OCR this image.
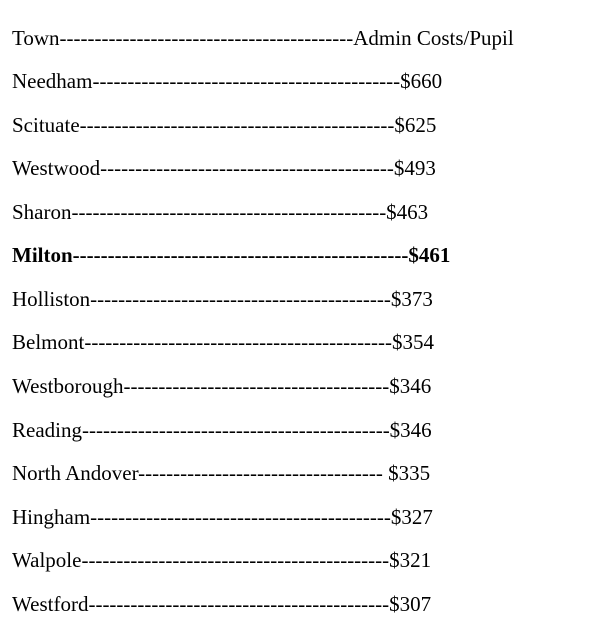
Town------------------------------------------Admin Costs/Pupil
Needham--------------------------------------------$660
Scituate---------------------------------------------$625
Westwood------------------------------------------$493
Sharon---------------------------------------------$463
Milton------------------------------------------------$461
Holliston-------------------------------------------$373
Belmont--------------------------------------------$354
Westborough--------------------------------------$346
Reading--------------------------------------------$346
North Andover----------------------------------- $335
Hingham-------------------------------------------$327
Walpole--------------------------------------------$321
Westford-------------------------------------------$307
